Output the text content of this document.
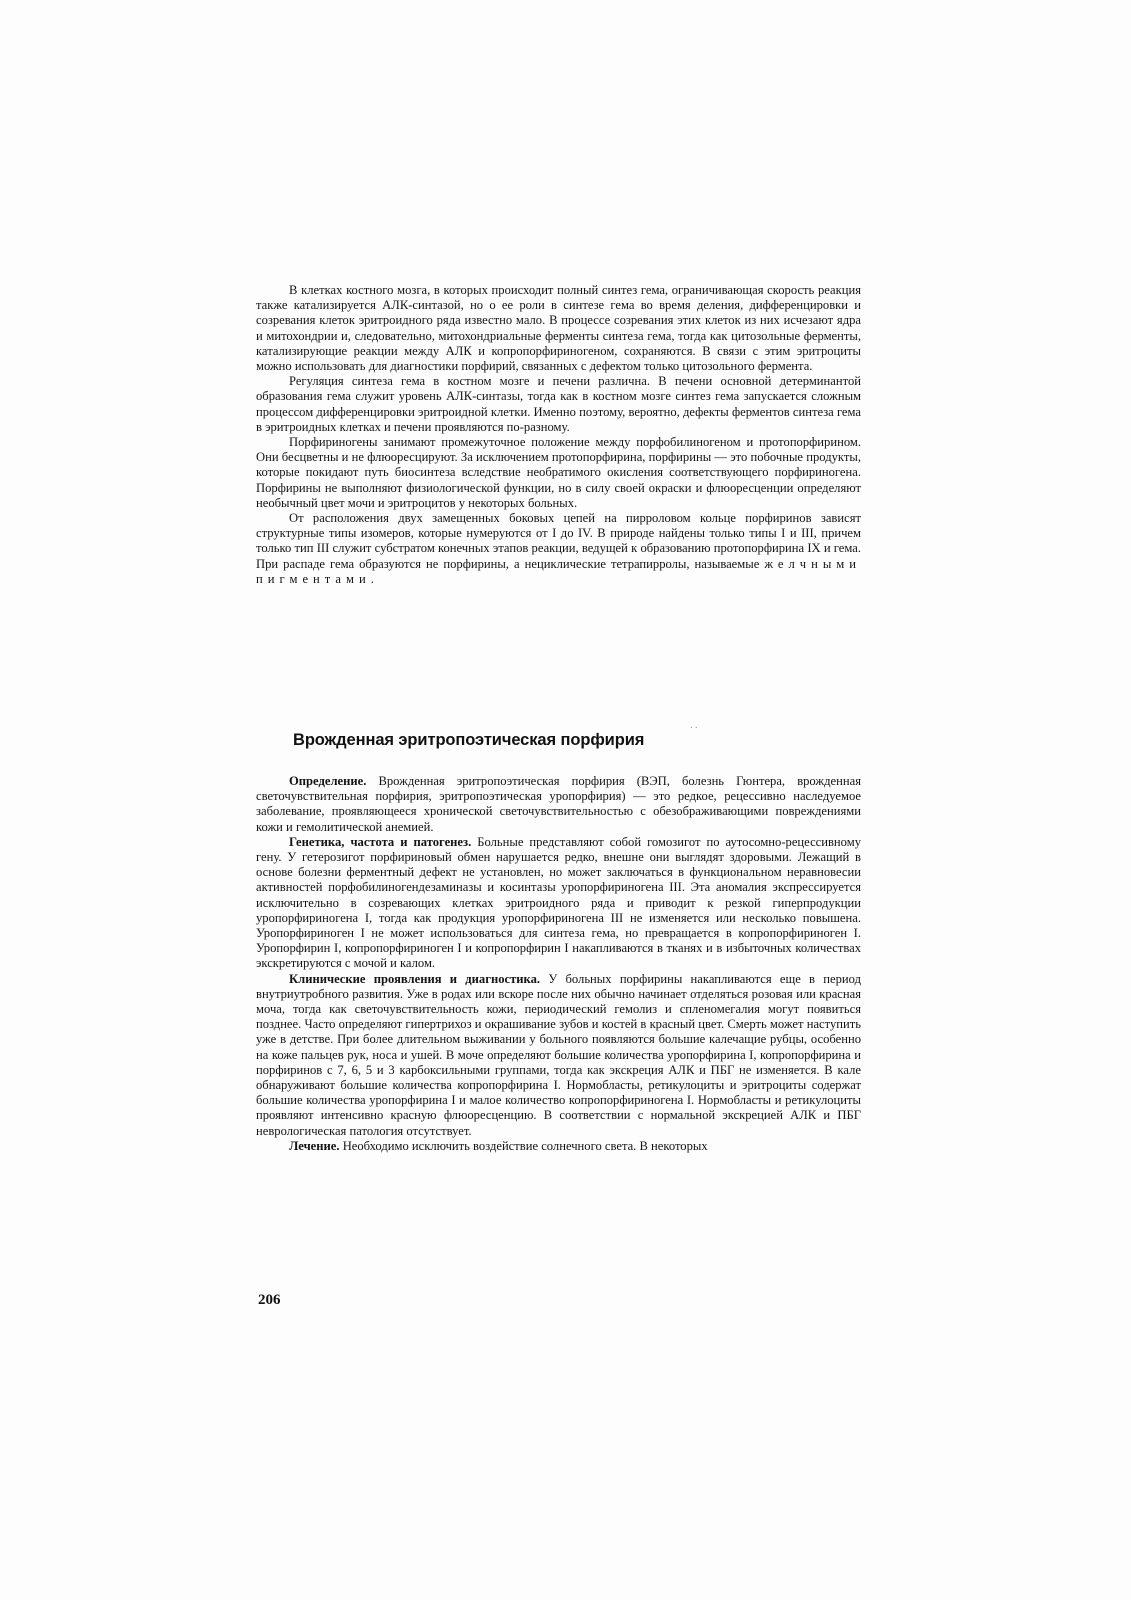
В клетках костного мозга, в которых происходит полный синтез гема, ограничивающая скорость реакция также катализируется АЛК-синтазой, но о ее роли в синтезе гема во время деления, дифференцировки и созревания клеток эритроидного ряда известно мало. В процессе созревания этих клеток из них исчезают ядра и митохондрии и, следовательно, митохондриальные ферменты синтеза гема, тогда как цитозольные ферменты, катализирующие реакции между АЛК и копропорфириногеном, сохраняются. В связи с этим эритроциты можно использовать для диагностики порфирий, связанных с дефектом только цитозольного фермента.

Регуляция синтеза гема в костном мозге и печени различна. В печени основной детерминантой образования гема служит уровень АЛК-синтазы, тогда как в костном мозге синтез гема запускается сложным процессом дифференцировки эритроидной клетки. Именно поэтому, вероятно, дефекты ферментов синтеза гема в эритроидных клетках и печени проявляются по-разному.

Порфириногены занимают промежуточное положение между порфобилиногеном и протопорфирином. Они бесцветны и не флюоресцируют. За исключением протопорфирина, порфирины — это побочные продукты, которые покидают путь биосинтеза вследствие необратимого окисления соответствующего порфириногена. Порфирины не выполняют физиологической функции, но в силу своей окраски и флюоресценции определяют необычный цвет мочи и эритроцитов у некоторых больных.

От расположения двух замещенных боковых цепей на пирроловом кольце порфиринов зависят структурные типы изомеров, которые нумеруются от I до IV. В природе найдены только типы I и III, причем только тип III служит субстратом конечных этапов реакции, ведущей к образованию протопорфирина IX и гема. При распаде гема образуются не порфирины, а нециклические тетрапирролы, называемые желчными пигментами.

. .
Врожденная эритропоэтическая порфирия

Определение. Врожденная эритропоэтическая порфирия (ВЭП, болезнь Гюнтера, врожденная светочувствительная порфирия, эритропоэтическая уропорфирия) — это редкое, рецессивно наследуемое заболевание, проявляющееся хронической светочувствительностью с обезображивающими повреждениями кожи и гемолитической анемией.

Генетика, частота и патогенез. Больные представляют собой гомозигот по аутосомно-рецессивному гену. У гетерозигот порфириновый обмен нарушается редко, внешне они выглядят здоровыми. Лежащий в основе болезни ферментный дефект не установлен, но может заключаться в функциональном неравновесии активностей порфобилиногендезаминазы и косинтазы уропорфириногена III. Эта аномалия экспрессируется исключительно в созревающих клетках эритроидного ряда и приводит к резкой гиперпродукции уропорфириногена I, тогда как продукция уропорфириногена III не изменяется или несколько повышена. Уропорфириноген I не может использоваться для синтеза гема, но превращается в копропорфириноген I. Уропорфирин I, копропорфириноген I и копропорфирин I накапливаются в тканях и в избыточных количествах экскретируются с мочой и калом.

Клинические проявления и диагностика. У больных порфирины накапливаются еще в период внутриутробного развития. Уже в родах или вскоре после них обычно начинает отделяться розовая или красная моча, тогда как светочувствительность кожи, периодический гемолиз и спленомегалия могут появиться позднее. Часто определяют гипертрихоз и окрашивание зубов и костей в красный цвет. Смерть может наступить уже в детстве. При более длительном выживании у больного появляются большие калечащие рубцы, особенно на коже пальцев рук, носа и ушей. В моче определяют большие количества уропорфирина I, копропорфирина и порфиринов с 7, 6, 5 и 3 карбоксильными группами, тогда как экскреция АЛК и ПБГ не изменяется. В кале обнаруживают большие количества копропорфирина I. Нормобласты, ретикулоциты и эритроциты содержат большие количества уропорфирина I и малое количество копропорфириногена I. Нормобласты и ретикулоциты проявляют интенсивно красную флюоресценцию. В соответствии с нормальной экскрецией АЛК и ПБГ неврологическая патология отсутствует.

Лечение. Необходимо исключить воздействие солнечного света. В некоторых

206
